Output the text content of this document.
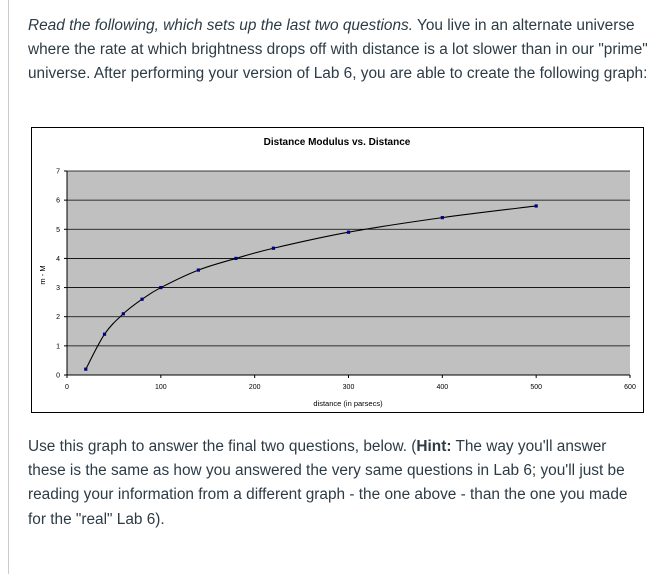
Read the following, which sets up the last two questions. You live in an alternate universe where the rate at which brightness drops off with distance is a lot slower than in our "prime" universe. After performing your version of Lab 6, you are able to create the following graph:

Distance Modulus vs. Distance
0
1
2
3
4
5
6
7
0	100	200	300	400	500	600
distance (in parsecs)
m - M

Use this graph to answer the final two questions, below. (Hint: The way you'll answer these is the same as how you answered the very same questions in Lab 6; you'll just be reading your information from a different graph - the one above - than the one you made for the "real" Lab 6).
